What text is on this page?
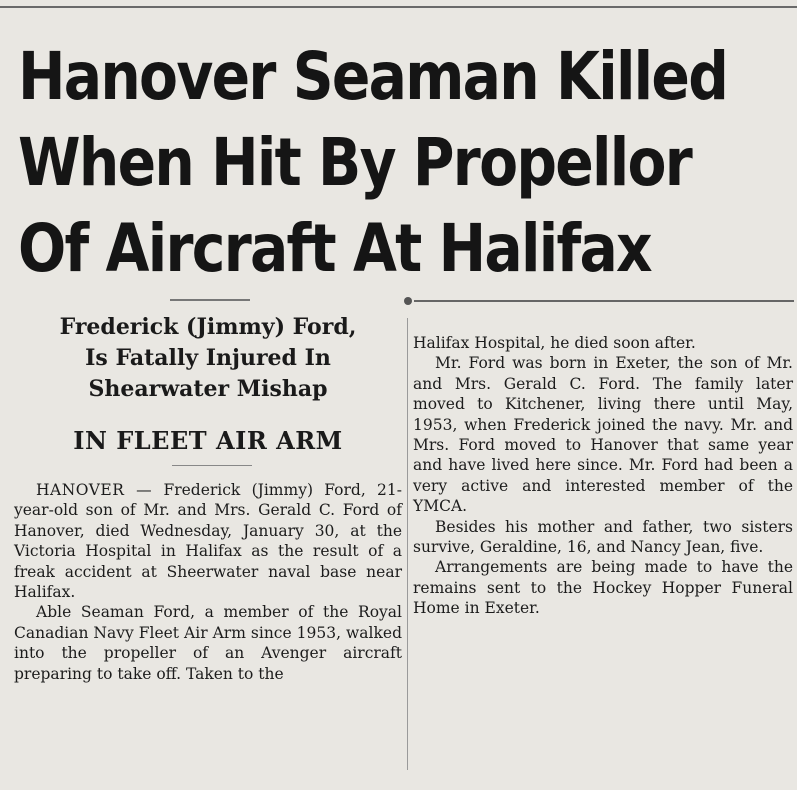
Hanover Seaman Killed
When Hit By Propellor
Of Aircraft At Halifax
Frederick (Jimmy) Ford,
Is Fatally Injured In
Shearwater Mishap
IN FLEET AIR ARM

HANOVER — Frederick (Jimmy) Ford, 21-year-old son of Mr. and Mrs. Gerald C. Ford of Hanover, died Wednesday, January 30, at the Victoria Hospital in Halifax as the result of a freak accident at Sheerwater naval base near Halifax.

Able Seaman Ford, a member of the Royal Canadian Navy Fleet Air Arm since 1953, walked into the propeller of an Avenger aircraft preparing to take off. Taken to the

Halifax Hospital, he died soon after.

Mr. Ford was born in Exeter, the son of Mr. and Mrs. Gerald C. Ford. The family later moved to Kitchener, living there until May, 1953, when Frederick joined the navy. Mr. and Mrs. Ford moved to Hanover that same year and have lived here since. Mr. Ford had been a very active and interested member of the YMCA.

Besides his mother and father, two sisters survive, Geraldine, 16, and Nancy Jean, five.

Arrangements are being made to have the remains sent to the Hockey Hopper Funeral Home in Exeter.
